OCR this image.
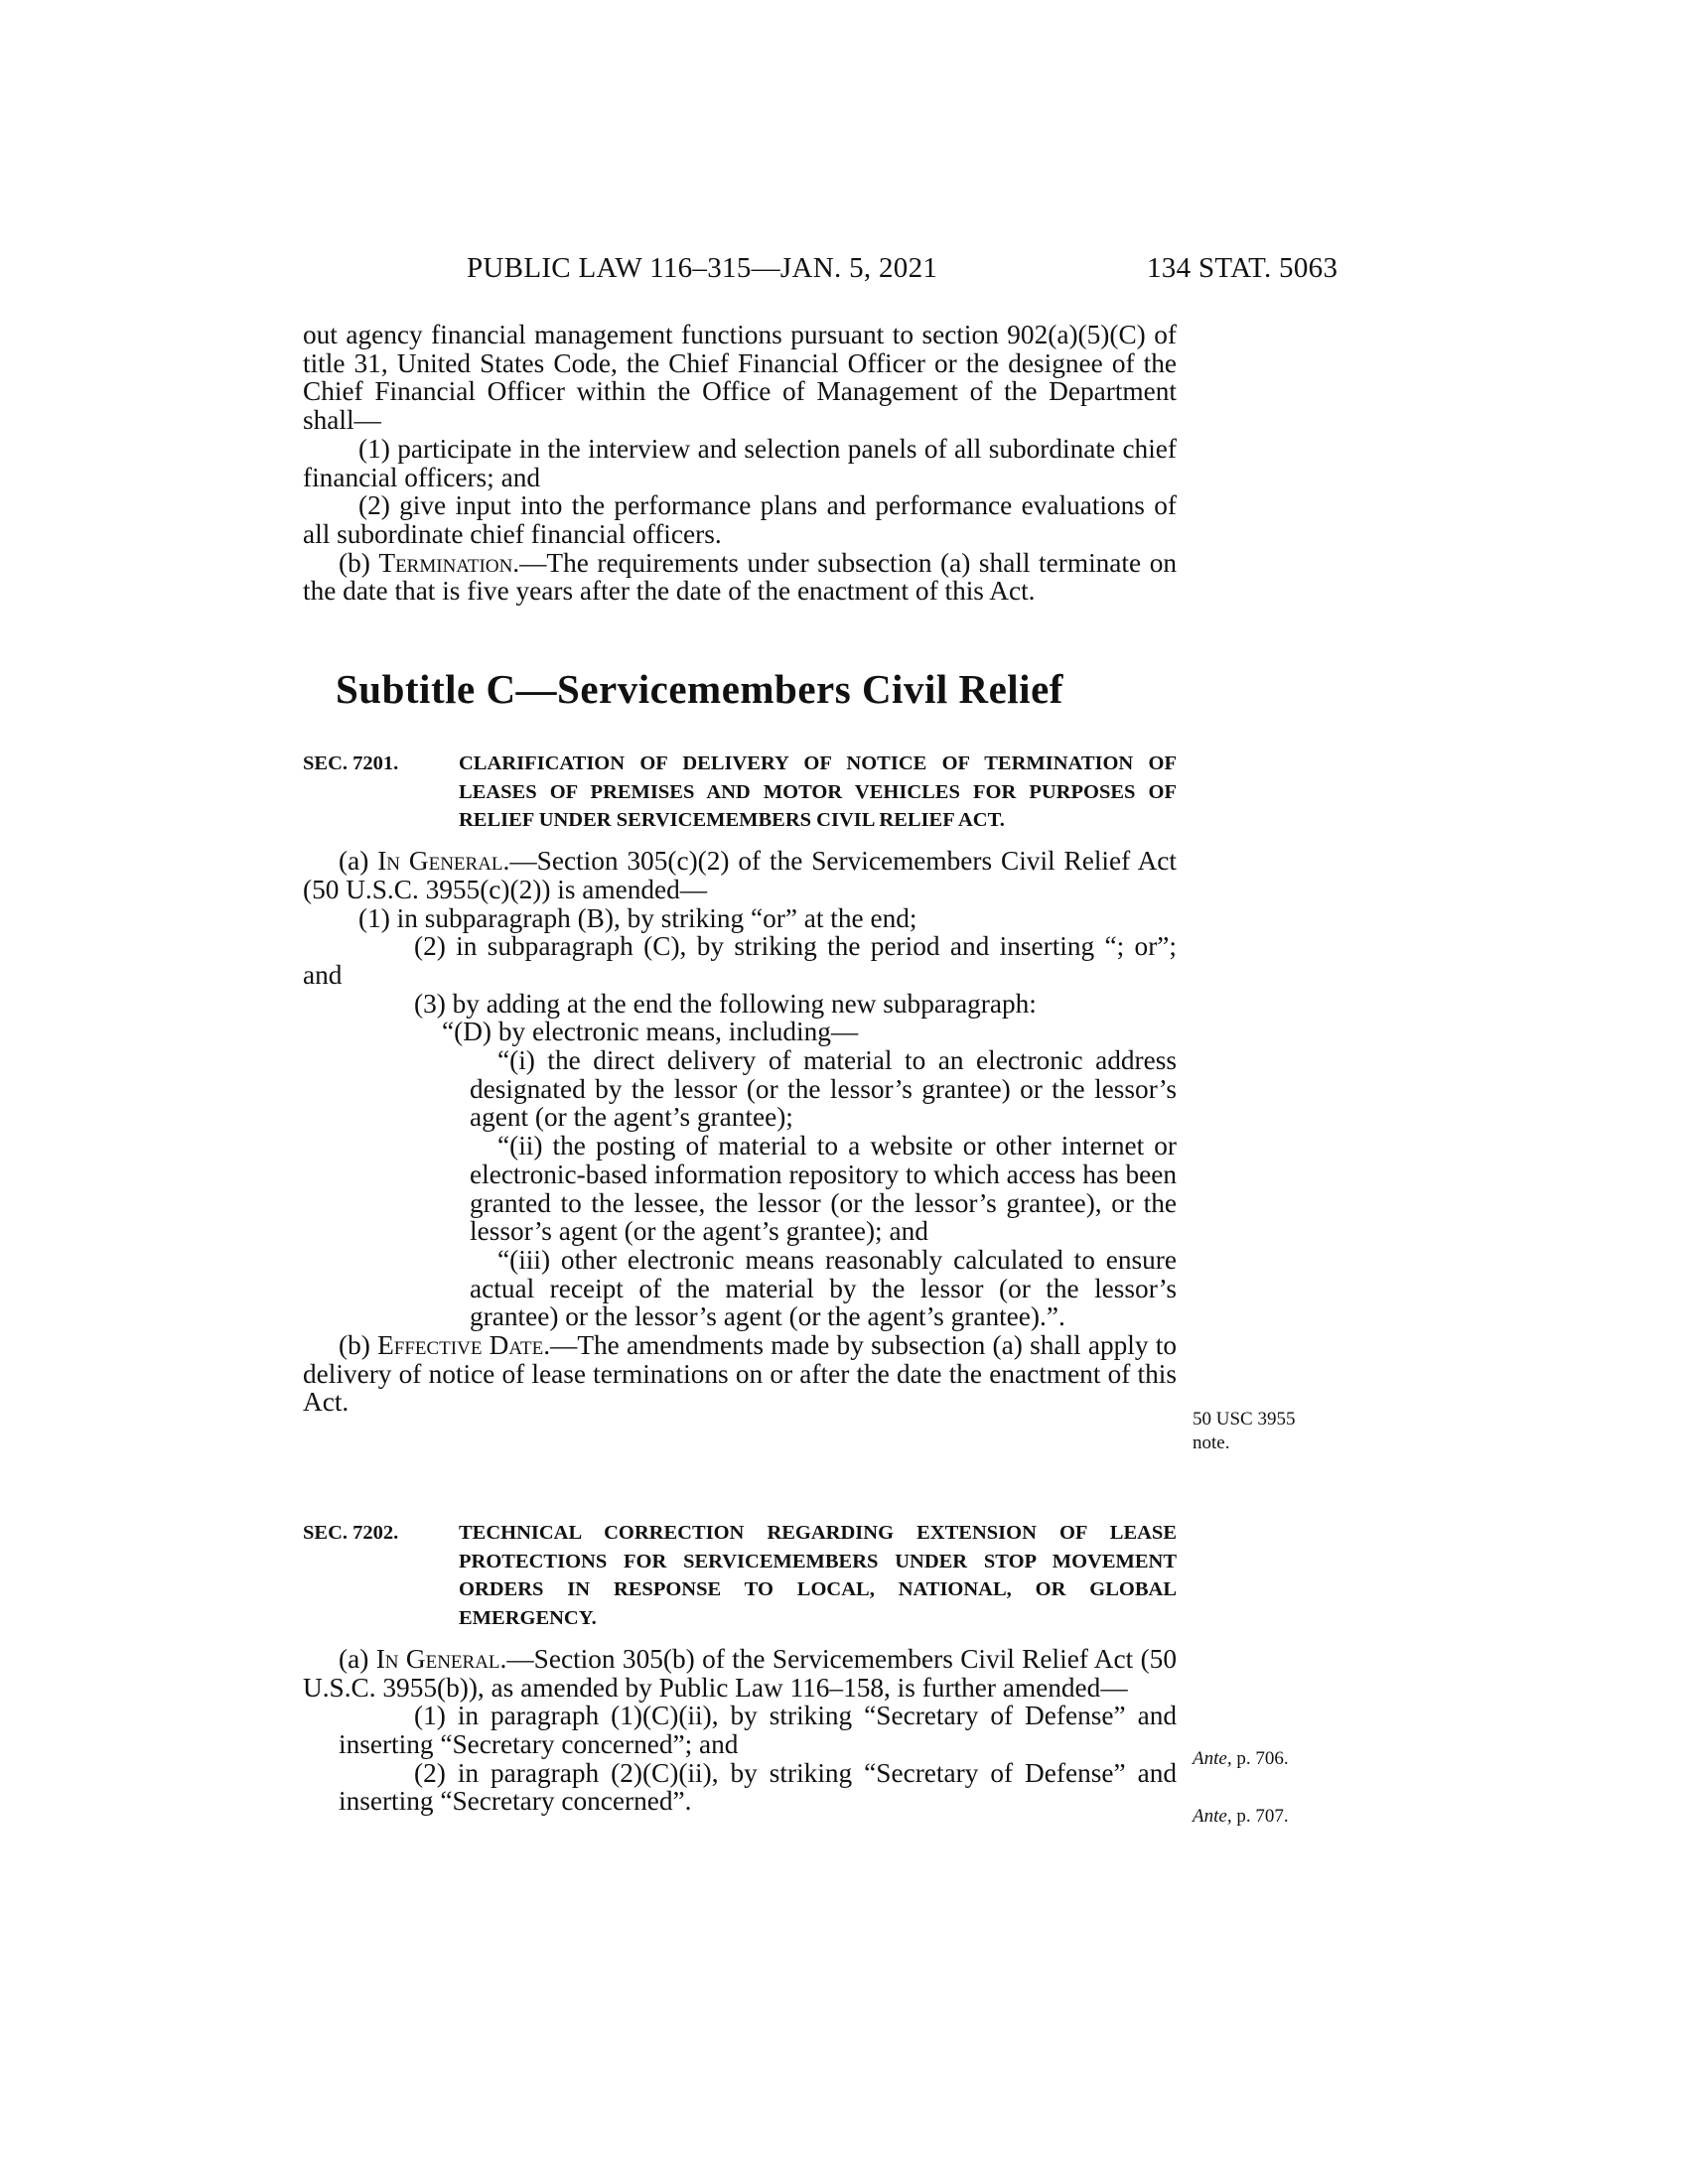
PUBLIC LAW 116–315—JAN. 5, 2021	134 STAT. 5063

out agency financial management functions pursuant to section 902(a)(5)(C) of title 31, United States Code, the Chief Financial Officer or the designee of the Chief Financial Officer within the Office of Management of the Department shall—

(1) participate in the interview and selection panels of all subordinate chief financial officers; and

(2) give input into the performance plans and performance evaluations of all subordinate chief financial officers.

(b) Termination.—The requirements under subsection (a) shall terminate on the date that is five years after the date of the enactment of this Act.

Subtitle C—Servicemembers Civil Relief
SEC. 7201.	CLARIFICATION OF DELIVERY OF NOTICE OF TERMINATION OF LEASES OF PREMISES AND MOTOR VEHICLES FOR PURPOSES OF RELIEF UNDER SERVICEMEMBERS CIVIL RELIEF ACT.

(a) In General.—Section 305(c)(2) of the Servicemembers Civil Relief Act (50 U.S.C. 3955(c)(2)) is amended—

(1) in subparagraph (B), by striking “or” at the end;

(2) in subparagraph (C), by striking the period and inserting “; or”; and

(3) by adding at the end the following new subparagraph:

“(D) by electronic means, including—

“(i) the direct delivery of material to an electronic address designated by the lessor (or the lessor’s grantee) or the lessor’s agent (or the agent’s grantee);

“(ii) the posting of material to a website or other internet or electronic-based information repository to which access has been granted to the lessee, the lessor (or the lessor’s grantee), or the lessor’s agent (or the agent’s grantee); and

“(iii) other electronic means reasonably calculated to ensure actual receipt of the material by the lessor (or the lessor’s grantee) or the lessor’s agent (or the agent’s grantee).”.

(b) Effective Date.—The amendments made by subsection (a) shall apply to delivery of notice of lease terminations on or after the date the enactment of this Act.

50 USC 3955
note.
SEC. 7202.	TECHNICAL CORRECTION REGARDING EXTENSION OF LEASE PROTECTIONS FOR SERVICEMEMBERS UNDER STOP MOVEMENT ORDERS IN RESPONSE TO LOCAL, NATIONAL, OR GLOBAL EMERGENCY.

(a) In General.—Section 305(b) of the Servicemembers Civil Relief Act (50 U.S.C. 3955(b)), as amended by Public Law 116–158, is further amended—

(1) in paragraph (1)(C)(ii), by striking “Secretary of Defense” and inserting “Secretary concerned”; and

(2) in paragraph (2)(C)(ii), by striking “Secretary of Defense” and inserting “Secretary concerned”.

Ante, p. 706.
Ante, p. 707.
